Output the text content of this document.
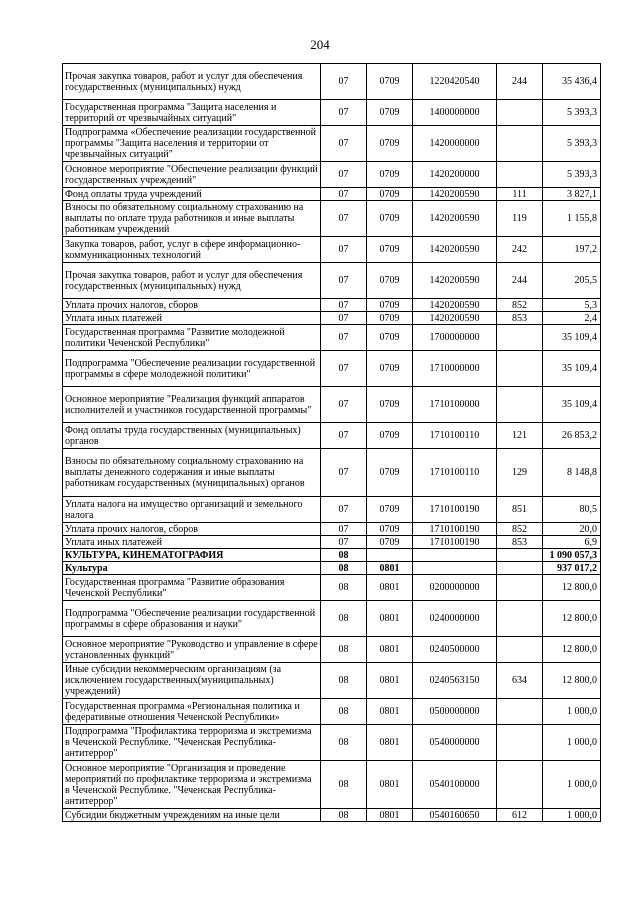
204
Прочая закупка товаров, работ и услуг для обеспечения государственных (муниципальных) нужд	07	0709	1220420540	244	35 436,4
Государственная программа "Защита населения и территорий от чрезвычайных ситуаций"	07	0709	1400000000		5 393,3
Подпрограмма «Обеспечение реализации государственной программы "Защита населения и территории от чрезвычайных ситуаций"	07	0709	1420000000		5 393,3
Основное мероприятие "Обеспечение реализации функций государственных учреждений"	07	0709	1420200000		5 393,3
Фонд оплаты труда учреждений	07	0709	1420200590	111	3 827,1
Взносы по обязательному социальному страхованию на выплаты по оплате труда работников и иные выплаты работникам учреждений	07	0709	1420200590	119	1 155,8
Закупка товаров, работ, услуг в сфере информационно-коммуникационных технологий	07	0709	1420200590	242	197,2
Прочая закупка товаров, работ и услуг для обеспечения государственных (муниципальных) нужд	07	0709	1420200590	244	205,5
Уплата прочих налогов, сборов	07	0709	1420200590	852	5,3
Уплата иных платежей	07	0709	1420200590	853	2,4
Государственная программа "Развитие молодежной политики Чеченской Республики"	07	0709	1700000000		35 109,4
Подпрограмма "Обеспечение реализации государственной программы в сфере молодежной политики"	07	0709	1710000000		35 109,4
Основное мероприятие "Реализация функций аппаратов исполнителей и участников государственной программы"	07	0709	1710100000		35 109,4
Фонд оплаты труда государственных (муниципальных) органов	07	0709	1710100110	121	26 853,2
Взносы по обязательному социальному страхованию на выплаты денежного содержания и иные выплаты работникам государственных (муниципальных) органов	07	0709	1710100110	129	8 148,8
Уплата налога на имущество организаций и земельного налога	07	0709	1710100190	851	80,5
Уплата прочих налогов, сборов	07	0709	1710100190	852	20,0
Уплата иных платежей	07	0709	1710100190	853	6,9
КУЛЬТУРА, КИНЕМАТОГРАФИЯ	08				1 090 057,3
Культура	08	0801			937 017,2
Государственная программа "Развитие образования Чеченской Республики"	08	0801	0200000000		12 800,0
Подпрограмма "Обеспечение реализации государственной программы в сфере образования и науки"	08	0801	0240000000		12 800,0
Основное мероприятие "Руководство и управление в сфере установленных функций"	08	0801	0240500000		12 800,0
Иные субсидии некоммерческим организациям (за исключением государственных(муниципальных) учреждений)	08	0801	0240563150	634	12 800,0
Государственная программа «Региональная политика и федеративные отношения Чеченской Республики»	08	0801	0500000000		1 000,0
Подпрограмма "Профилактика терроризма и экстремизма в Чеченской Республике. "Чеченская Республика-антитеррор"	08	0801	0540000000		1 000,0
Основное мероприятие "Организация и проведение мероприятий по профилактике терроризма и экстремизма в Чеченской Республике. "Чеченская Республика-антитеррор"	08	0801	0540100000		1 000,0
Субсидии бюджетным учреждениям на иные цели	08	0801	0540160650	612	1 000,0
